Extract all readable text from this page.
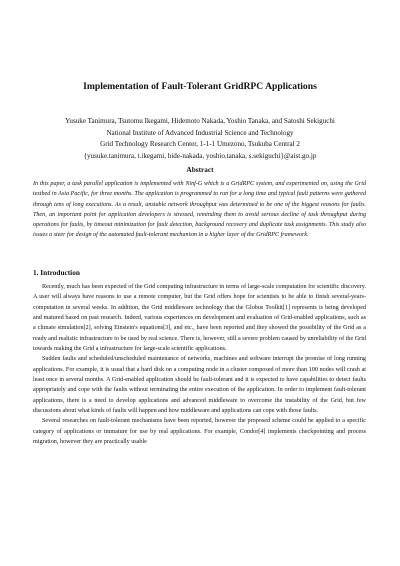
Implementation of Fault-Tolerant GridRPC Applications
Yusuke Tanimura, Tsutomu Ikegami, Hidemoto Nakada, Yoshio Tanaka, and Satoshi Sekiguchi
National Institute of Advanced Industrial Science and Technology
Grid Technology Research Center, 1-1-1 Umezono, Tsukuba Central 2
{yusuke.tanimura, t.ikegami, hide-nakada, yoshio.tanaka, s.sekiguchi}@aist.go.jp
Abstract
In this paper, a task parallel application is implemented with Ninf-G which is a GridRPC system, and experimented on, using the Grid testbed in Asia Pacific, for three months. The application is programmed to run for a long time and typical fault patterns were gathered through tens of long executions. As a result, unstable network throughput was determined to be one of the biggest reasons for faults. Then, an important point for application developers is stressed, reminding them to avoid serious decline of task throughput during operations for faults, by timeout minimization for fault detection, background recovery and duplicate task assignments. This study also issues a steer for design of the automated fault-tolerant mechanism in a higher layer of the GridRPC framework.
1. Introduction

Recently, much has been expected of the Grid computing infrastructure in terms of large-scale computation for scientific discovery. A user will always have reasons to use a remote computer, but the Grid offers hope for scientists to be able to finish several-years-computation in several weeks. In addition, the Grid middleware technology that the Globus Toolkit[1] represents is being developed and matured based on past research. Indeed, various experiences on development and evaluation of Grid-enabled applications, such as a climate simulation[2], solving Einstein's equations[3], and etc., have been reported and they showed the possibility of the Grid as a ready and realistic infrastructure to be used by real science. There is, however, still a severe problem caused by unreliability of the Grid towards making the Grid a infrastructure for large-scale scientific applications.

Sudden faults and scheduled/unscheduled maintenance of networks, machines and software interrupt the promise of long running applications. For example, it is usual that a hard disk on a computing node in a cluster composed of more than 100 nodes will crash at least once in several months. A Grid-enabled application should be fault-tolerant and it is expected to have capabilities to detect faults appropriately and cope with the faults without terminating the entire execution of the application. In order to implement fault-tolerant applications, there is a need to develop applications and advanced middleware to overcome the instability of the Grid, but few discussions about what kinds of faults will happen and how middleware and applications can cope with those faults.

Several researches on fault-tolerant mechanisms have been reported, however the proposed scheme could be applied to a specific category of applications or immature for use by real applications. For example, Condor[4] implements checkpointing and process migration, however they are practically usable
